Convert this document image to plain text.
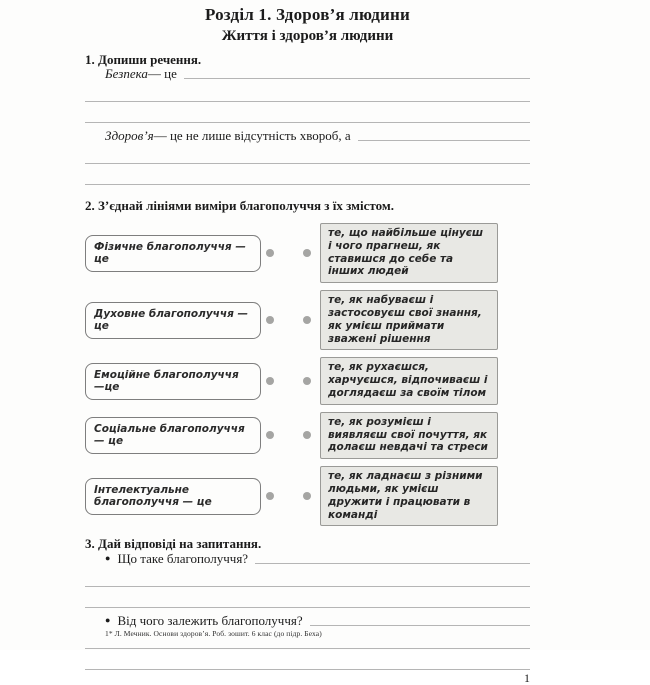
Розділ 1. Здоров’я людини
Життя і здоров’я людини
1. Допиши речення.
Безпека — це
Здоров’я — це не лише відсутність хвороб, а
2. З’єднай лініями виміри благополуччя з їх змістом.
Фізичне благополуччя — це
те, що найбільше цінуєш і чого прагнеш, як ставишся до себе та інших людей
Духовне благополуччя — це
те, як набуваєш і застосовуєш свої знання, як умієш приймати зважені рішення
Емоційне благополуччя —це
те, як рухаєшся, харчуєшся, відпочиваєш і доглядаєш за своїм тілом
Соціальне благополуччя — це
те, як розумієш і виявляєш свої почуття, як долаєш невдачі та стреси
Інтелектуальне благополуччя — це
те, як ладнаєш з різними людьми, як умієш дружити і працювати в команді
3. Дай відповіді на запитання.
● Що таке благополуччя?
● Від чого залежить благополуччя?
1
1* Л. Мечник. Основи здоров’я. Роб. зошит. 6 клас (до підр. Беха)
